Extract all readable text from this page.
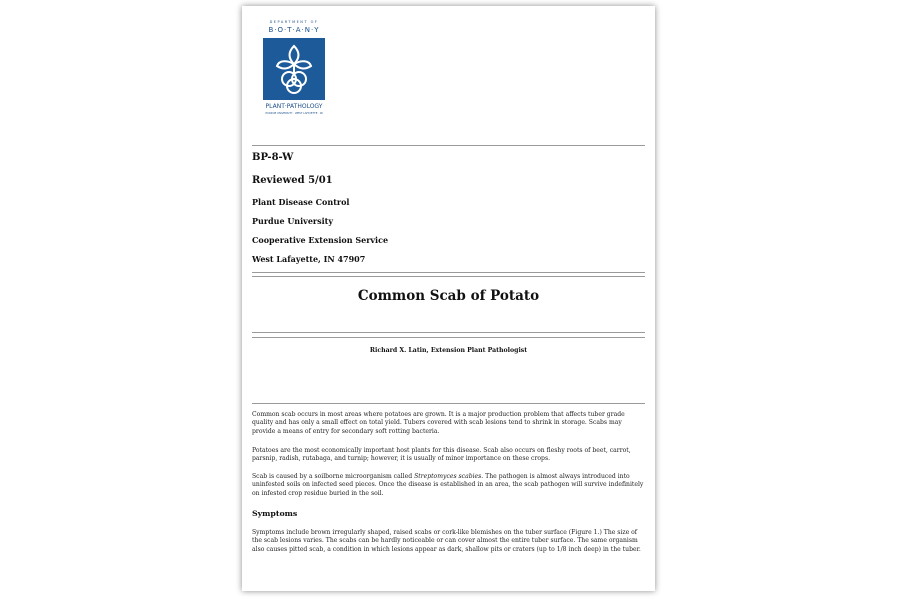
DEPARTMENT OF
B·O·T·A·N·Y
PLANT·PATHOLOGY
PURDUE UNIVERSITY · WEST LAFAYETTE · IN
BP-8-W
Reviewed 5/01
Plant Disease Control
Purdue University
Cooperative Extension Service
West Lafayette, IN 47907
Common Scab of Potato
Richard X. Latin, Extension Plant Pathologist
Common scab occurs in most areas where potatoes are grown. It is a major production problem that affects tuber grade quality and has only a small effect on total yield. Tubers covered with scab lesions tend to shrink in storage. Scabs may provide a means of entry for secondary soft rotting bacteria.
Potatoes are the most economically important host plants for this disease. Scab also occurs on fleshy roots of beet, carrot, parsnip, radish, rutabaga, and turnip; however, it is usually of minor importance on these crops.
Scab is caused by a soilborne microorganism called Streptomyces scabies. The pathogen is almost always introduced into uninfested soils on infected seed pieces. Once the disease is established in an area, the scab pathogen will survive indefinitely on infested crop residue buried in the soil.
Symptoms
Symptoms include brown irregularly shaped, raised scabs or cork-like blemishes on the tuber surface (Figure 1.) The size of the scab lesions varies. The scabs can be hardly noticeable or can cover almost the entire tuber surface. The same organism also causes pitted scab, a condition in which lesions appear as dark, shallow pits or craters (up to 1/8 inch deep) in the tuber.
